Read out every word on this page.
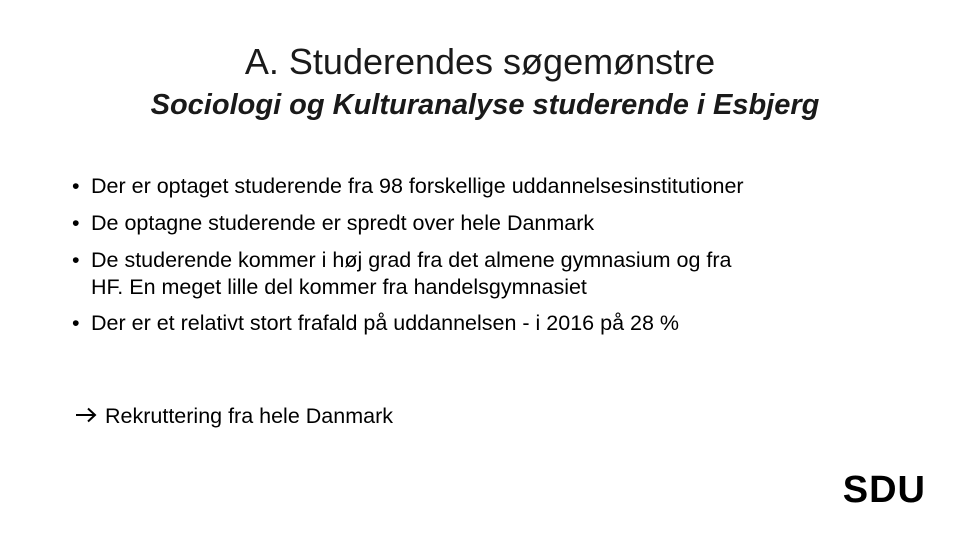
A. Studerendes søgemønstre
Sociologi og Kulturanalyse studerende i Esbjerg
• Der er optaget studerende fra 98 forskellige uddannelsesinstitutioner
• De optagne studerende er spredt over hele Danmark
• De studerende kommer i høj grad fra det almene gymnasium og fra
HF. En meget lille del kommer fra handelsgymnasiet
• Der er et relativt stort frafald på uddannelsen - i 2016 på 28 %
Rekruttering fra hele Danmark
SDU
